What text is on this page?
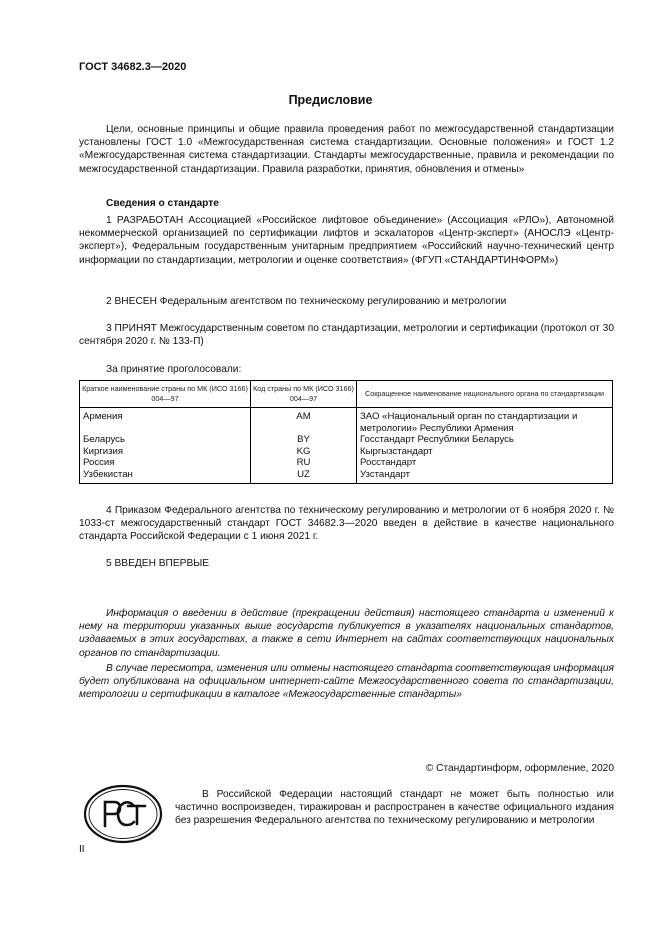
ГОСТ 34682.3—2020
Предисловие

Цели, основные принципы и общие правила проведения работ по межгосударственной стандартизации установлены ГОСТ 1.0 «Межгосударственная система стандартизации. Основные положения» и ГОСТ 1.2 «Межгосударственная система стандартизации. Стандарты межгосударственные, правила и рекомендации по межгосударственной стандартизации. Правила разработки, принятия, обновления и отмены»

Сведения о стандарте

1 РАЗРАБОТАН Ассоциацией «Российское лифтовое объединение» (Ассоциация «РЛО»), Автономной некоммерческой организацией по сертификации лифтов и эскалаторов «Центр-эксперт» (АНОСЛЭ «Центр-эксперт»), Федеральным государственным унитарным предприятием «Российский научно-технический центр информации по стандартизации, метрологии и оценке соответствия» (ФГУП «СТАНДАРТИНФОРМ»)

2 ВНЕСЕН Федеральным агентством по техническому регулированию и метрологии

3 ПРИНЯТ Межгосударственным советом по стандартизации, метрологии и сертификации (протокол от 30 сентября 2020 г. № 133-П)

За принятие проголосовали:

Краткое наименование страны по МК (ИСО 3166) 004—97	Код страны по МК (ИСО 3166) 004—97	Сокращенное наименование национального органа по стандартизации
Армения	AM	ЗАО «Национальный орган по стандартизации и метрологии» Республики Армения
Беларусь	BY	Госстандарт Республики Беларусь
Киргизия	KG	Кыргызстандарт
Россия	RU	Росстандарт
Узбекистан	UZ	Узстандарт

4 Приказом Федерального агентства по техническому регулированию и метрологии от 6 ноября 2020 г. № 1033-ст межгосударственный стандарт ГОСТ 34682.3—2020 введен в действие в качестве национального стандарта Российской Федерации с 1 июня 2021 г.

5 ВВЕДЕН ВПЕРВЫЕ

Информация о введении в действие (прекращении действия) настоящего стандарта и изменений к нему на территории указанных выше государств публикуется в указателях национальных стандартов, издаваемых в этих государствах, а также в сети Интернет на сайтах соответствующих национальных органов по стандартизации.

В случае пересмотра, изменения или отмены настоящего стандарта соответствующая информация будет опубликована на официальном интернет-сайте Межгосударственного совета по стандартизации, метрологии и сертификации в каталоге «Межгосударственные стандарты»

© Стандартинформ, оформление, 2020
РСТ

В Российской Федерации настоящий стандарт не может быть полностью или частично воспроизведен, тиражирован и распространен в качестве официального издания без разрешения Федерального агентства по техническому регулированию и метрологии

II
